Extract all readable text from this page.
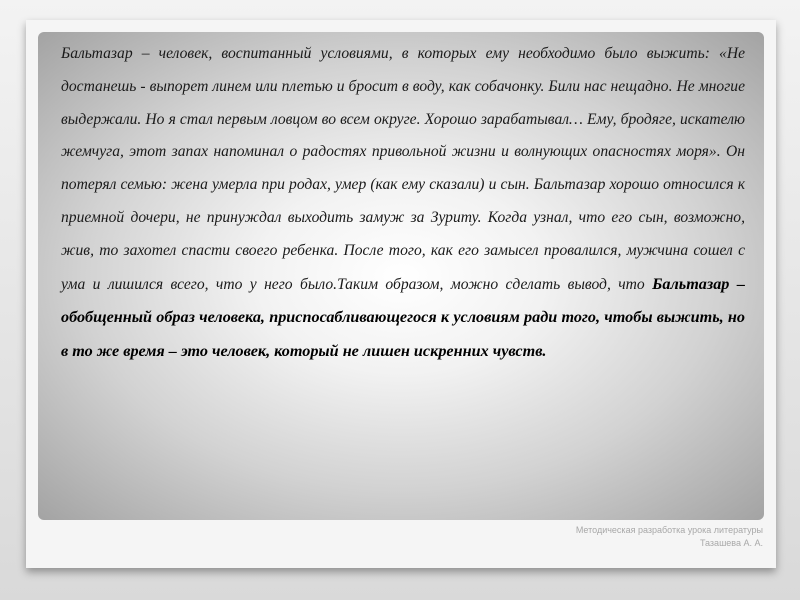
Бальтазар – человек, воспитанный условиями, в которых ему необходимо было выжить: «Не достанешь - выпорет линем или плетью и бросит в воду, как собачонку. Били нас нещадно. Не многие выдержали. Но я стал первым ловцом во всем округе. Хорошо зарабатывал… Ему, бродяге, искателю жемчуга, этот запах напоминал о радостях привольной жизни и волнующих опасностях моря». Он потерял семью: жена умерла при родах, умер (как ему сказали) и сын. Бальтазар хорошо относился к приемной дочери, не принуждал выходить замуж за Зуриту. Когда узнал, что его сын, возможно, жив, то захотел спасти своего ребенка. После того, как его замысел провалился, мужчина сошел с ума и лишился всего, что у него было.Таким образом, можно сделать вывод, что Бальтазар – обобщенный образ человека, приспосабливающегося к условиям ради того, чтобы выжить, но в то же время – это человек, который не лишен искренних чувств.

Методическая разработка урока литературы
Тазашева А. А.
